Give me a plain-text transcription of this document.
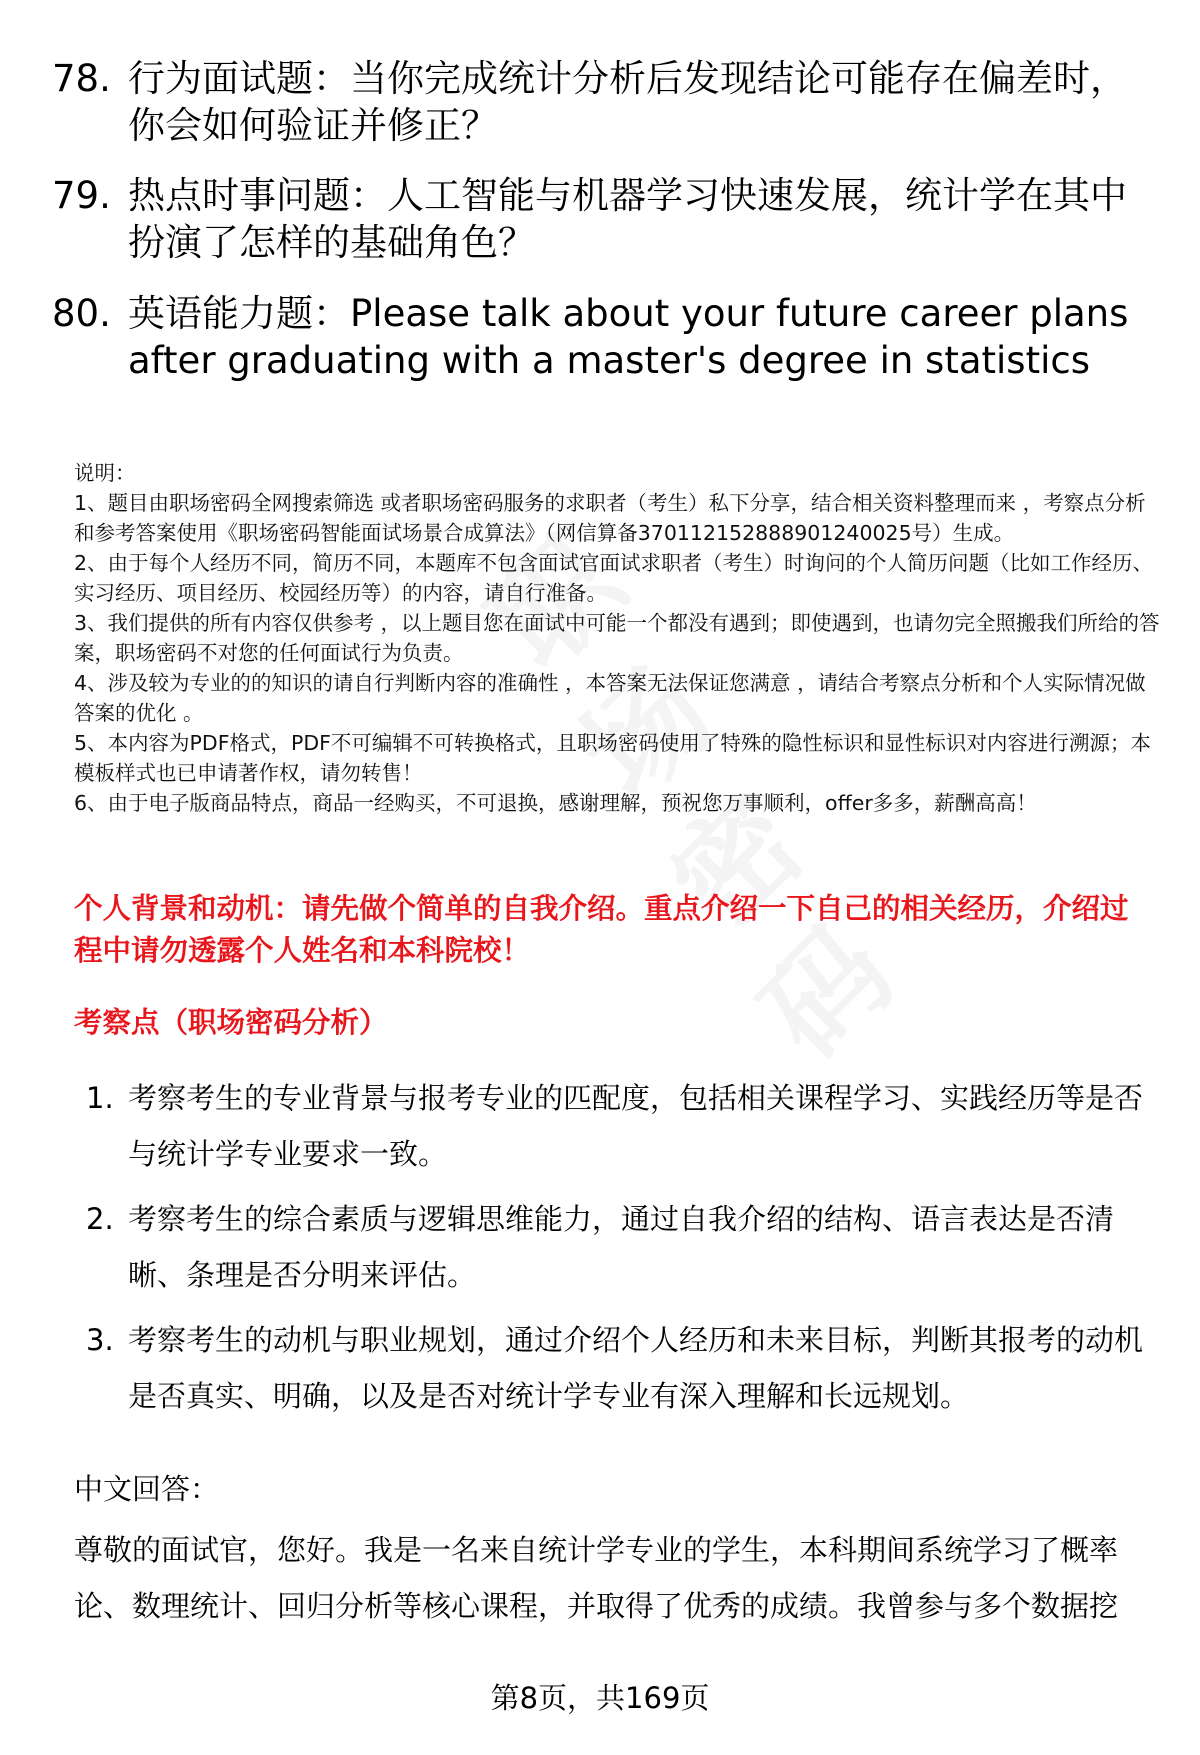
职
场
密
码
78. 行为面试题：当你完成统计分析后发现结论可能存在偏差时，你会如何验证并修正？
79. 热点时事问题：人工智能与机器学习快速发展，统计学在其中扮演了怎样的基础角色？
80. 英语能力题：Please talk about your future career plans after graduating with a master's degree in statistics

说明：

1、题目由职场密码全网搜索筛选 或者职场密码服务的求职者（考生）私下分享，结合相关资料整理而来 ，考察点分析和参考答案使用《职场密码智能面试场景合成算法》（网信算备370112152888901240025号）生成。

2、由于每个人经历不同，简历不同，本题库不包含面试官面试求职者（考生）时询问的个人简历问题（比如工作经历、实习经历、项目经历、校园经历等）的内容，请自行准备。

3、我们提供的所有内容仅供参考 ，以上题目您在面试中可能一个都没有遇到；即使遇到，也请勿完全照搬我们所给的答案，职场密码不对您的任何面试行为负责。

4、涉及较为专业的的知识的请自行判断内容的准确性 ，本答案无法保证您满意 ，请结合考察点分析和个人实际情况做答案的优化 。

5、本内容为PDF格式，PDF不可编辑不可转换格式，且职场密码使用了特殊的隐性标识和显性标识对内容进行溯源；本模板样式也已申请著作权，请勿转售！

6、由于电子版商品特点，商品一经购买，不可退换，感谢理解，预祝您万事顺利，offer多多，薪酬高高！

个人背景和动机：请先做个简单的自我介绍。重点介绍一下自己的相关经历，介绍过程中请勿透露个人姓名和本科院校！
考察点（职场密码分析）
1. 考察考生的专业背景与报考专业的匹配度，包括相关课程学习、实践经历等是否与统计学专业要求一致。
2. 考察考生的综合素质与逻辑思维能力，通过自我介绍的结构、语言表达是否清晰、条理是否分明来评估。
3. 考察考生的动机与职业规划，通过介绍个人经历和未来目标，判断其报考的动机是否真实、明确，以及是否对统计学专业有深入理解和长远规划。
中文回答：
尊敬的面试官，您好。我是一名来自统计学专业的学生，本科期间系统学习了概率论、数理统计、回归分析等核心课程，并取得了优秀的成绩。我曾参与多个数据挖
第8页，共169页
